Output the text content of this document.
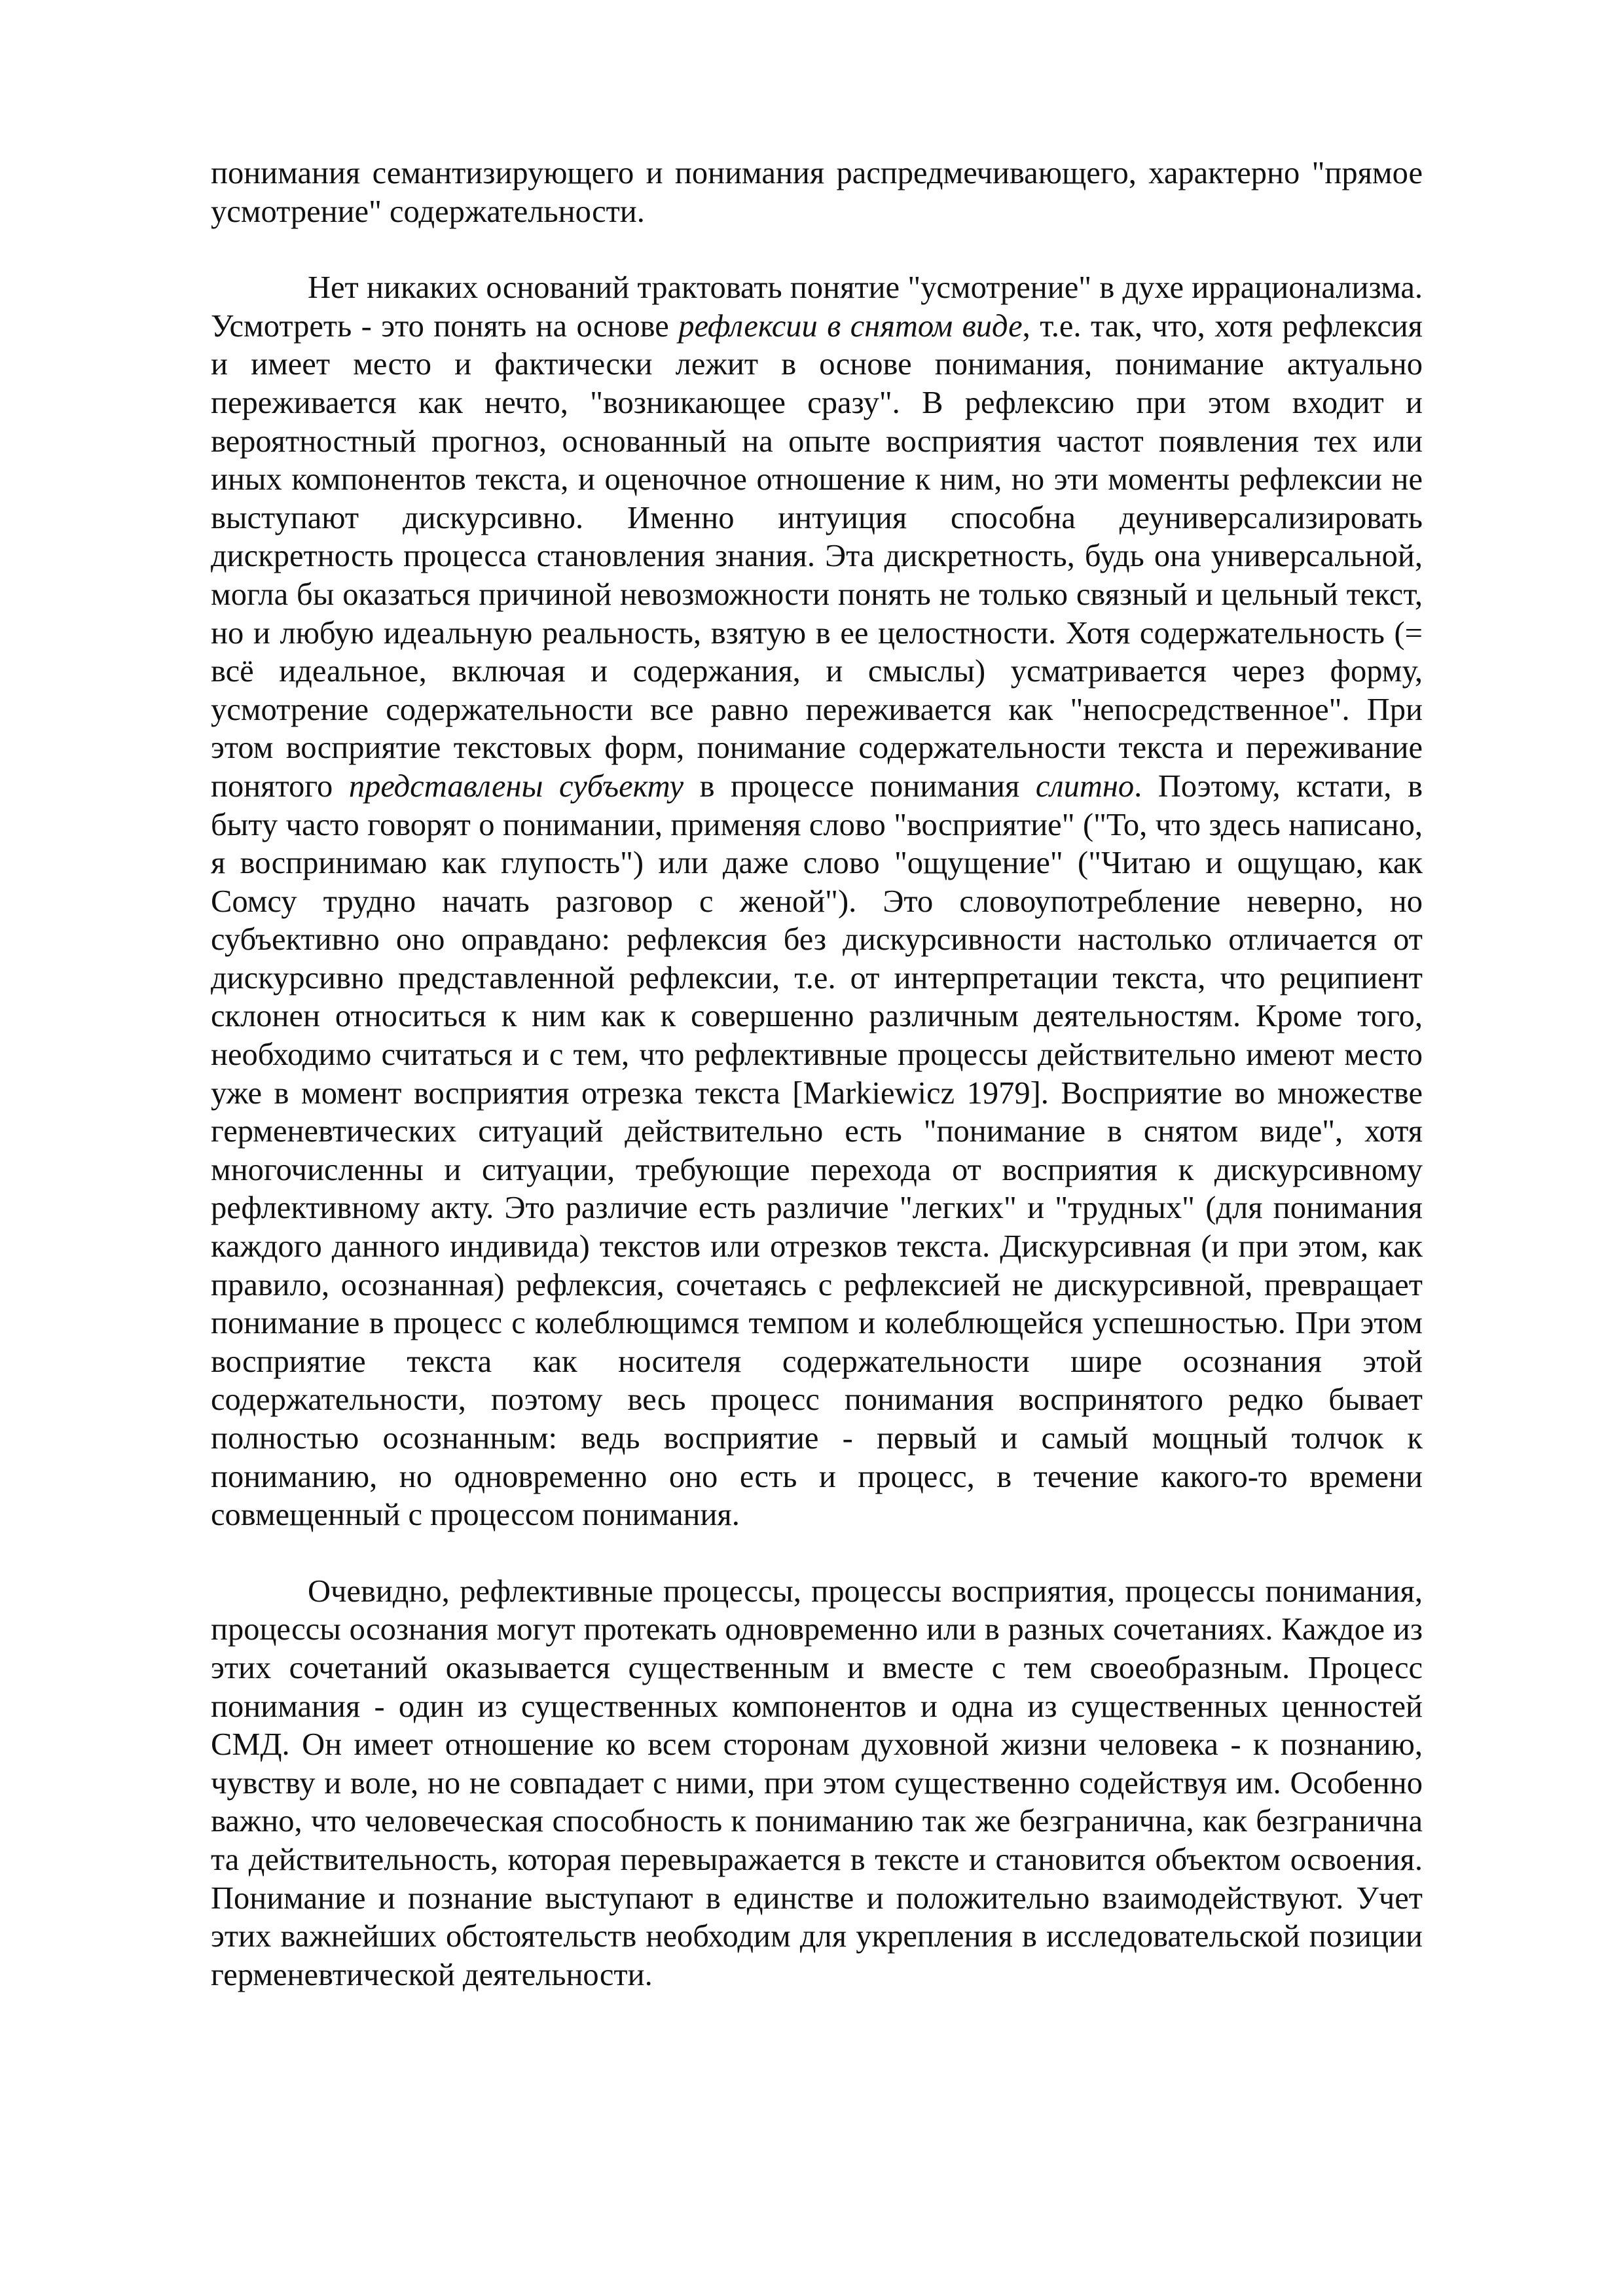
понимания семантизирующего и понимания распредмечивающего, характерно "прямое усмотрение" содержательности.

Нет никаких оснований трактовать понятие "усмотрение" в духе иррационализма. Усмотреть - это понять на основе рефлексии в снятом виде, т.е. так, что, хотя рефлексия и имеет место и фактически лежит в основе понимания, понимание актуально переживается как нечто, "возникающее сразу". В рефлексию при этом входит и вероятностный прогноз, основанный на опыте восприятия частот появления тех или иных компонентов текста, и оценочное отношение к ним, но эти моменты рефлексии не выступают дискурсивно. Именно интуиция способна деуниверсализировать дискретность процесса становления знания. Эта дискретность, будь она универсальной, могла бы оказаться причиной невозможности понять не только связный и цельный текст, но и любую идеальную реальность, взятую в ее целостности. Хотя содержательность (= всё идеальное, включая и содержания, и смыслы) усматривается через форму, усмотрение содержательности все равно переживается как "непосредственное". При этом восприятие текстовых форм, понимание содержательности текста и переживание понятого представлены субъекту в процессе понимания слитно. Поэтому, кстати, в быту часто говорят о понимании, применяя слово "восприятие" ("То, что здесь написано, я воспринимаю как глупость") или даже слово "ощущение" ("Читаю и ощущаю, как Сомсу трудно начать разговор с женой"). Это словоупотребление неверно, но субъективно оно оправдано: рефлексия без дискурсивности настолько отличается от дискурсивно представленной рефлексии, т.е. от интерпретации текста, что реципиент склонен относиться к ним как к совершенно различным деятельностям. Кроме того, необходимо считаться и с тем, что рефлективные процессы действительно имеют место уже в момент восприятия отрезка текста [Markiewicz 1979]. Восприятие во множестве герменевтических ситуаций действительно есть "понимание в снятом виде", хотя многочисленны и ситуации, требующие перехода от восприятия к дискурсивному рефлективному акту. Это различие есть различие "легких" и "трудных" (для понимания каждого данного индивида) текстов или отрезков текста. Дискурсивная (и при этом, как правило, осознанная) рефлексия, сочетаясь с рефлексией не дискурсивной, превращает понимание в процесс с колеблющимся темпом и колеблющейся успешностью. При этом восприятие текста как носителя содержательности шире осознания этой содержательности, поэтому весь процесс понимания воспринятого редко бывает полностью осознанным: ведь восприятие - первый и самый мощный толчок к пониманию, но одновременно оно есть и процесс, в течение какого-то времени совмещенный с процессом понимания.

Очевидно, рефлективные процессы, процессы восприятия, процессы понимания, процессы осознания могут протекать одновременно или в разных сочетаниях. Каждое из этих сочетаний оказывается существенным и вместе с тем своеобразным. Процесс понимания - один из существенных компонентов и одна из существенных ценностей СМД. Он имеет отношение ко всем сторонам духовной жизни человека - к познанию, чувству и воле, но не совпадает с ними, при этом существенно содействуя им. Особенно важно, что человеческая способность к пониманию так же безгранична, как безгранична та действительность, которая перевыражается в тексте и становится объектом освоения. Понимание и познание выступают в единстве и положительно взаимодействуют. Учет этих важнейших обстоятельств необходим для укрепления в исследовательской позиции герменевтической деятельности.
